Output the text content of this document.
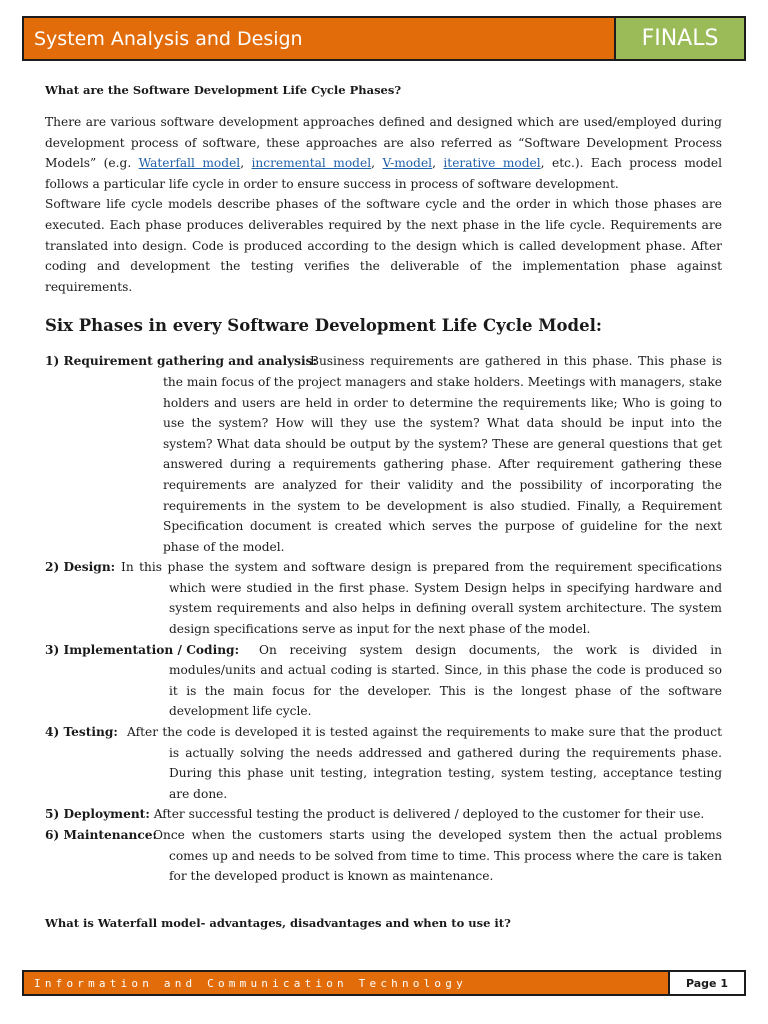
System Analysis and Design	FINALS

What are the Software Development Life Cycle Phases?

There are various software development approaches defined and designed which are used/employed during development process of software, these approaches are also referred as “Software Development Process Models” (e.g. Waterfall model, incremental model, V-model, iterative model, etc.). Each process model follows a particular life cycle in order to ensure success in process of software development.

Software life cycle models describe phases of the software cycle and the order in which those phases are executed. Each phase produces deliverables required by the next phase in the life cycle. Requirements are translated into design. Code is produced according to the design which is called development phase. After coding and development the testing verifies the deliverable of the implementation phase against requirements.

Six Phases in every Software Development Life Cycle Model:
1) Requirement gathering and analysis:
Business requirements are gathered in this phase. This phase is the main focus of the project managers and stake holders. Meetings with managers, stake holders and users are held in order to determine the requirements like; Who is going to use the system? How will they use the system? What data should be input into the system? What data should be output by the system? These are general questions that get answered during a requirements gathering phase. After requirement gathering these requirements are analyzed for their validity and the possibility of incorporating the requirements in the system to be development is also studied. Finally, a Requirement Specification document is created which serves the purpose of guideline for the next phase of the model.
2) Design: In this phase the system and software design is prepared from the requirement specifications which were studied in the first phase. System Design helps in specifying hardware and system requirements and also helps in defining overall system architecture. The system design specifications serve as input for the next phase of the model.
3) Implementation / Coding:	On receiving system design documents, the work is divided in modules/units and actual coding is started. Since, in this phase the code is produced so it is the main focus for the developer. This is the longest phase of the software development life cycle.
4) Testing: After the code is developed it is tested against the requirements to make sure that the product is actually solving the needs addressed and gathered during the requirements phase. During this phase unit testing, integration testing, system testing, acceptance testing are done.
5) Deployment: After successful testing the product is delivered / deployed to the customer for their use.
6) Maintenance:
Once when the customers starts using the developed system then the actual problems comes up and needs to be solved from time to time. This process where the care is taken for the developed product is known as maintenance.

What is Waterfall model- advantages, disadvantages and when to use it?

Information and Communication Technology	Page 1
